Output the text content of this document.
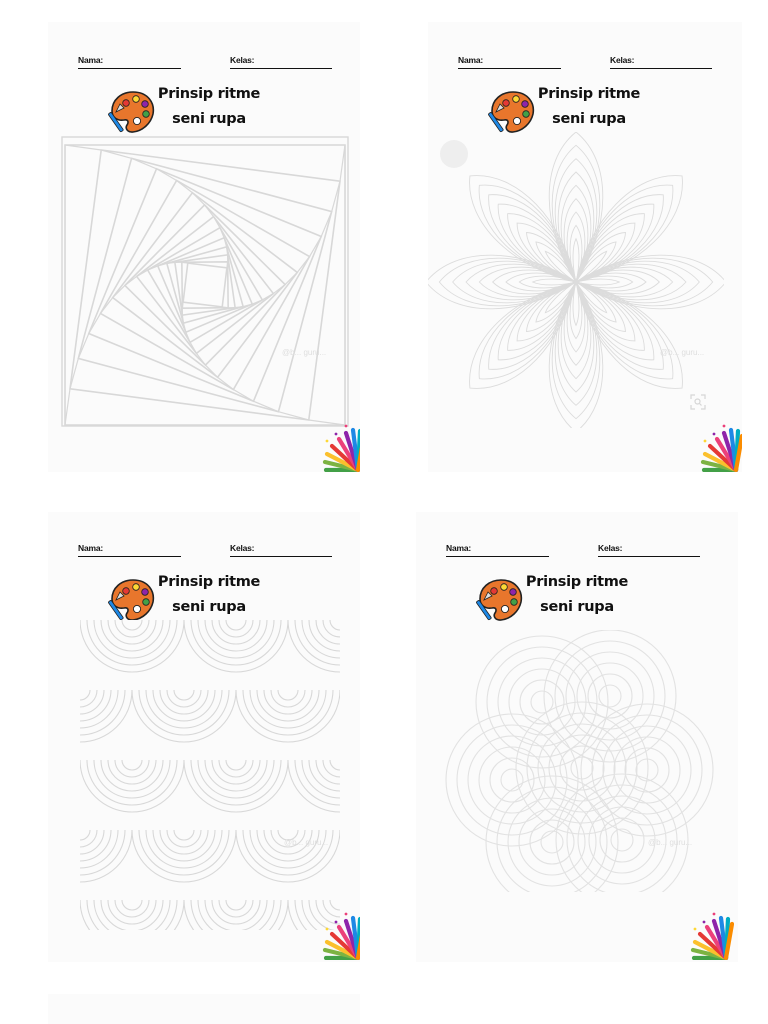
Nama:	Kelas:
Prinsip ritme
seni rupa
@b... guru...
Nama:	Kelas:
Prinsip ritme
seni rupa
@b... guru...
Nama:	Kelas:
Prinsip ritme
seni rupa
@b... guru...
Nama:	Kelas:
Prinsip ritme
seni rupa
@b... guru...
